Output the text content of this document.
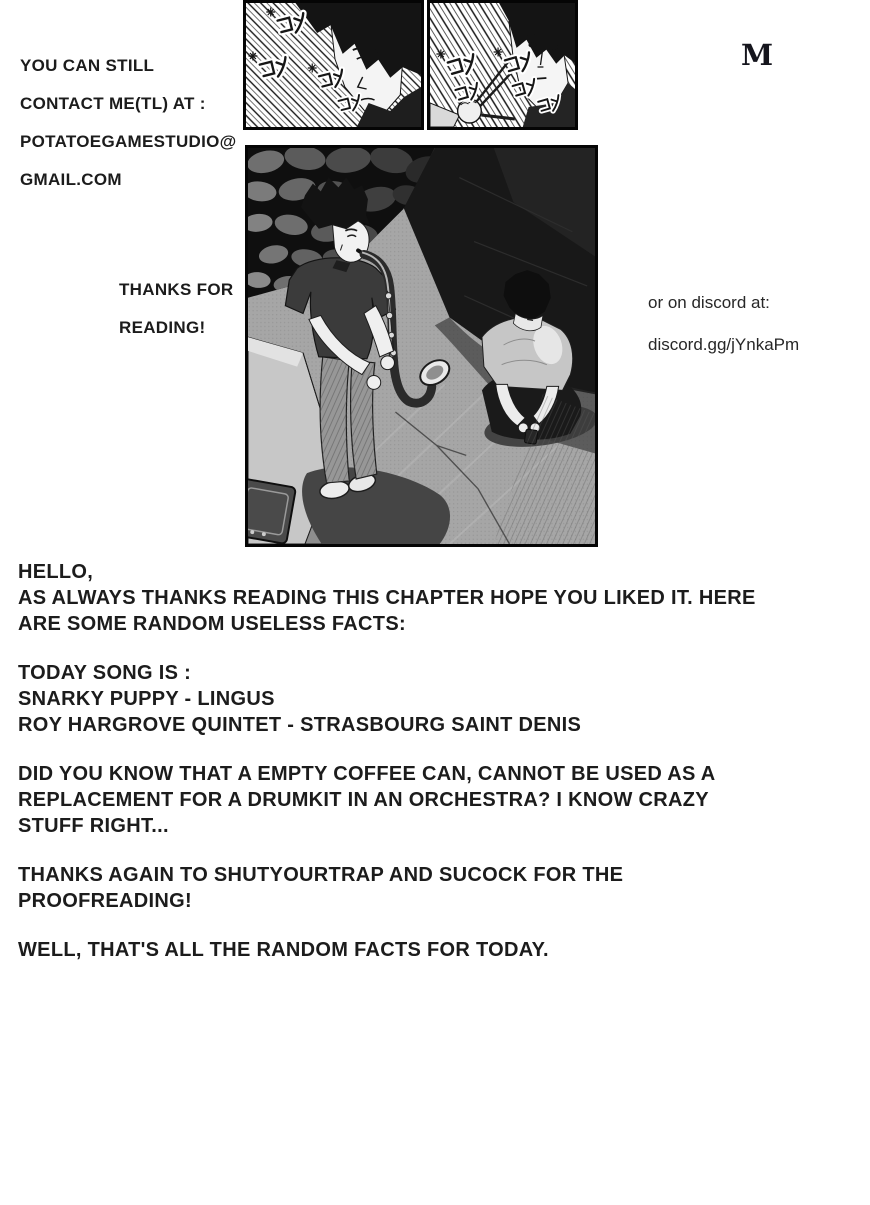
YOU CAN STILL
CONTACT ME(TL) AT :
POTATOEGAMESTUDIO@
GMAIL.COM
M
THANKS FOR
READING!
or on discord at:
discord.gg/jYnkaPm
HELLO,
AS ALWAYS THANKS READING THIS CHAPTER HOPE YOU LIKED IT. HERE
ARE SOME RANDOM USELESS FACTS:
TODAY SONG IS :
SNARKY PUPPY - LINGUS
ROY HARGROVE QUINTET - STRASBOURG SAINT DENIS
DID YOU KNOW THAT A EMPTY COFFEE CAN, CANNOT BE USED AS A
REPLACEMENT FOR A DRUMKIT IN AN ORCHESTRA? I KNOW CRAZY
STUFF RIGHT...
THANKS AGAIN TO SHUTYOURTRAP AND SUCOCK FOR THE
PROOFREADING!
WELL, THAT'S ALL THE RANDOM FACTS FOR TODAY.
